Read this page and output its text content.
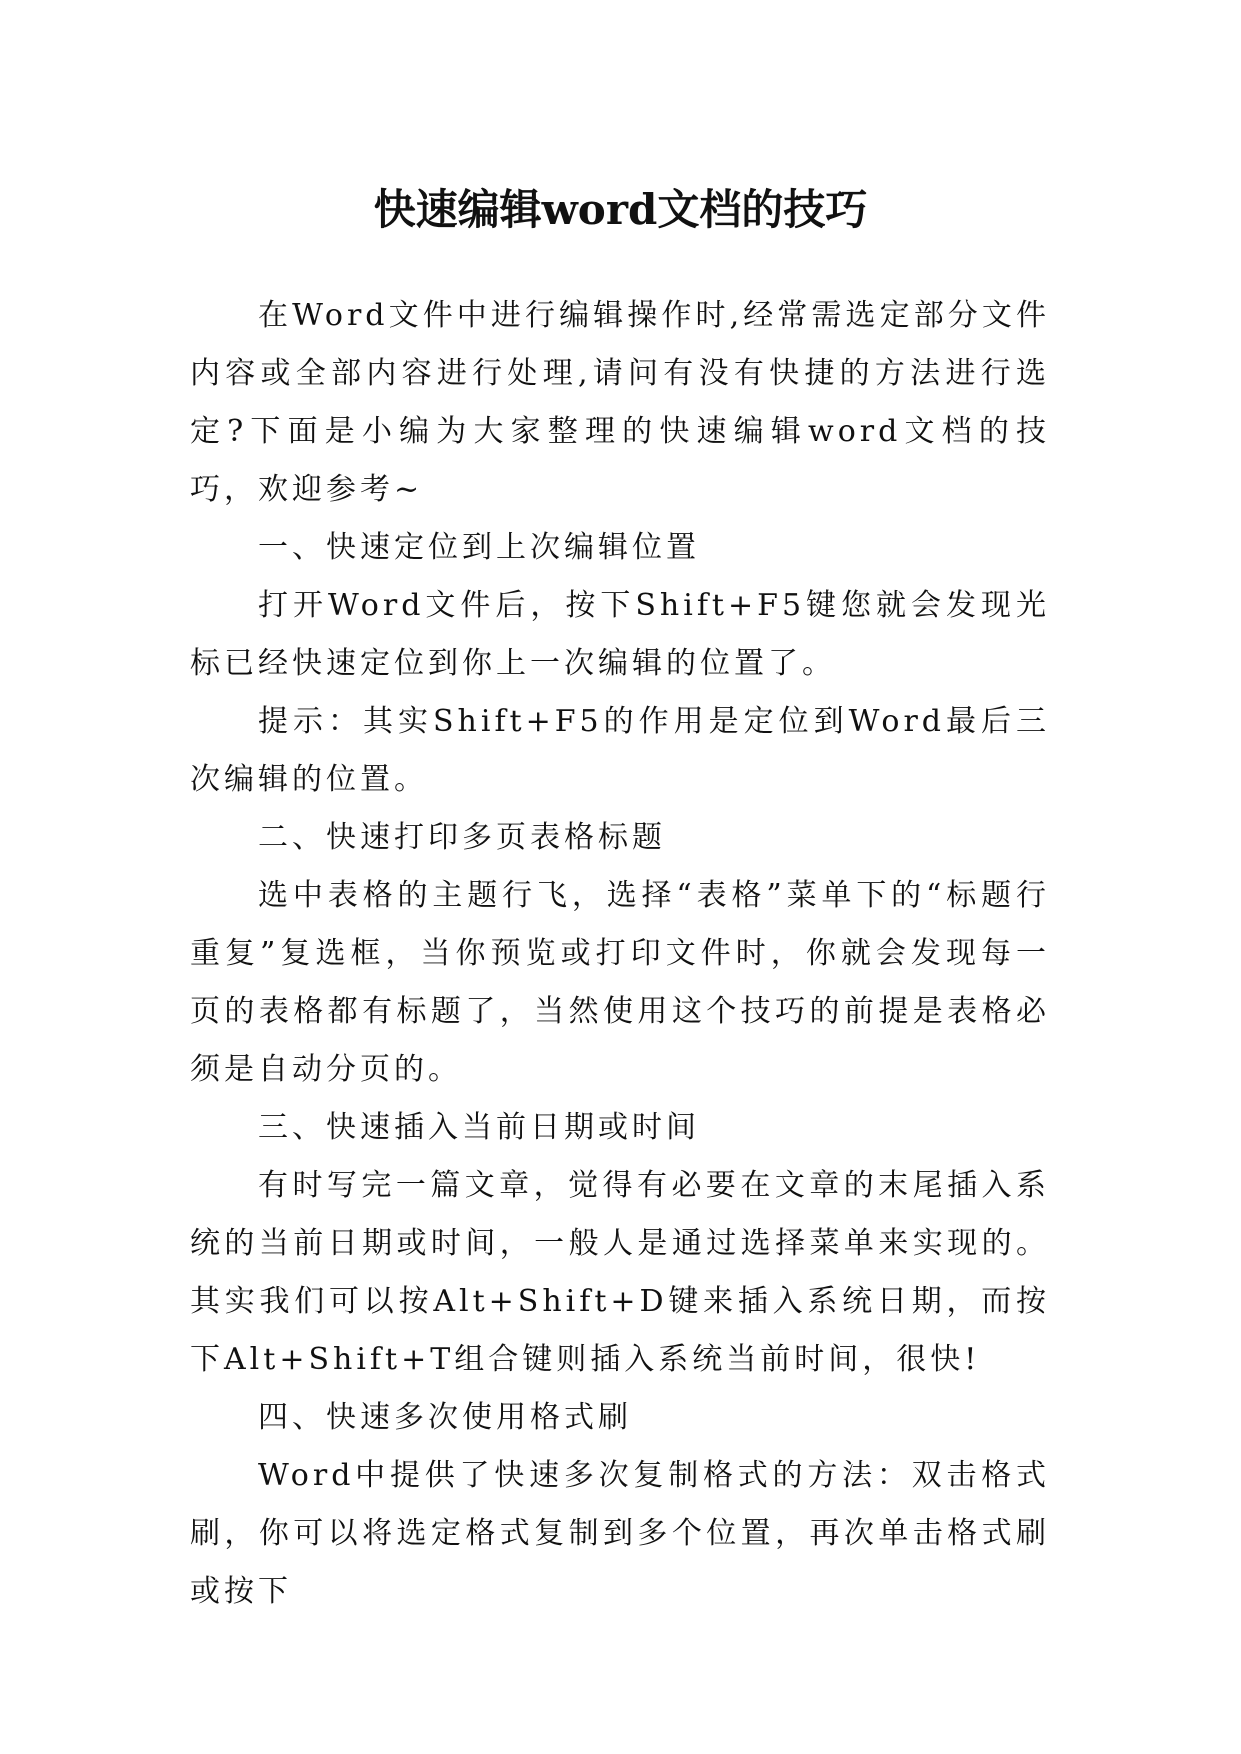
快速编辑word文档的技巧

在Word文件中进行编辑操作时,经常需选定部分文件内容或全部内容进行处理,请问有没有快捷的方法进行选定?下面是小编为大家整理的快速编辑word文档的技巧，欢迎参考~

一、快速定位到上次编辑位置

打开Word文件后，按下Shift+F5键您就会发现光标已经快速定位到你上一次编辑的位置了。

提示：其实Shift+F5的作用是定位到Word最后三次编辑的位置。

二、快速打印多页表格标题

选中表格的主题行飞，选择“表格”菜单下的“标题行重复”复选框，当你预览或打印文件时，你就会发现每一页的表格都有标题了，当然使用这个技巧的前提是表格必须是自动分页的。

三、快速插入当前日期或时间

有时写完一篇文章，觉得有必要在文章的末尾插入系统的当前日期或时间，一般人是通过选择菜单来实现的。其实我们可以按Alt+Shift+D键来插入系统日期，而按下Alt+Shift+T组合键则插入系统当前时间，很快!

四、快速多次使用格式刷

Word中提供了快速多次复制格式的方法：双击格式刷，你可以将选定格式复制到多个位置，再次单击格式刷或按下
